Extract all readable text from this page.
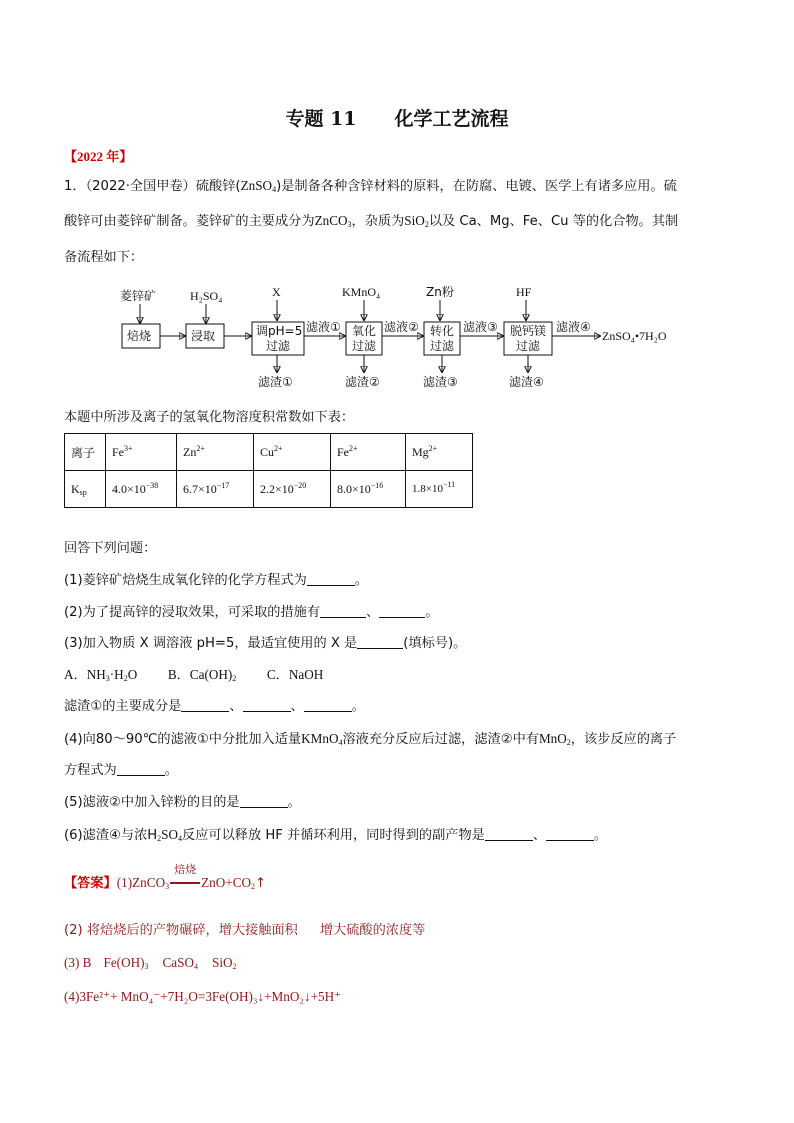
专题 11 化学工艺流程
【2022 年】
1．（2022·全国甲卷）硫酸锌(ZnSO$_4$)是制备各种含锌材料的原料，在防腐、电镀、医学上有诸多应用。硫
酸锌可由菱锌矿制备。菱锌矿的主要成分为ZnCO$_3$，杂质为SiO$_2$以及 Ca、Mg、Fe、Cu 等的化合物。其制
备流程如下：
菱锌矿	H₂SO₄	X	KMnO₄	Zn粉	HF
焙烧	浸取	调pH=5
过滤
氧化
过滤
转化
过滤
脱钙镁
过滤
滤液①	滤液②	滤液③	滤液④
ZnSO₄•7H₂O
滤渣①	滤渣②	滤渣③	滤渣④
本题中所涉及离子的氢氧化物溶度积常数如下表：
离子	$Fe^{3+}$	$Zn^{2+}$	$Cu^{2+}$	$Fe^{2+}$	$Mg^{2+}$
$K_{sp}$	$4.0\times 10^{-38}$	$6.7\times 10^{-17}$	$2.2\times 10^{-20}$	$8.0\times 10^{-16}$	$1.8\times 10^{-11}$
回答下列问题：
(1)菱锌矿焙烧生成氧化锌的化学方程式为	。
(2)为了提高锌的浸取效果，可采取的措施有	、	。
(3)加入物质 X 调溶液 pH=5，最适宜使用的 X 是	(填标号)。
A．$NH_3\cdot H_2O$ B．$Ca(OH)_2$ C．NaOH
滤渣①的主要成分是	、	、	。
(4)向80～90℃的滤液①中分批加入适量KMnO$_4$溶液充分反应后过滤，滤渣②中有MnO$_2$，该步反应的离子
方程式为	。
(5)滤液②中加入锌粉的目的是	。
(6)滤渣④与浓$H_2SO_4$反应可以释放 HF 并循环利用，同时得到的副产物是	、	。
【答案】(1)ZnCO$_3$
焙烧
$ZnO+CO_2↑$
(2) 将焙烧后的产物碾碎，增大接触面积 增大硫酸的浓度等
(3) B $Fe(OH)_3$ CaSO$_4$ SiO$_2$
(4)3Fe²⁺+ MnO₄⁻+7H₂O=3Fe(OH)₃↓+MnO₂↓+5H⁺
